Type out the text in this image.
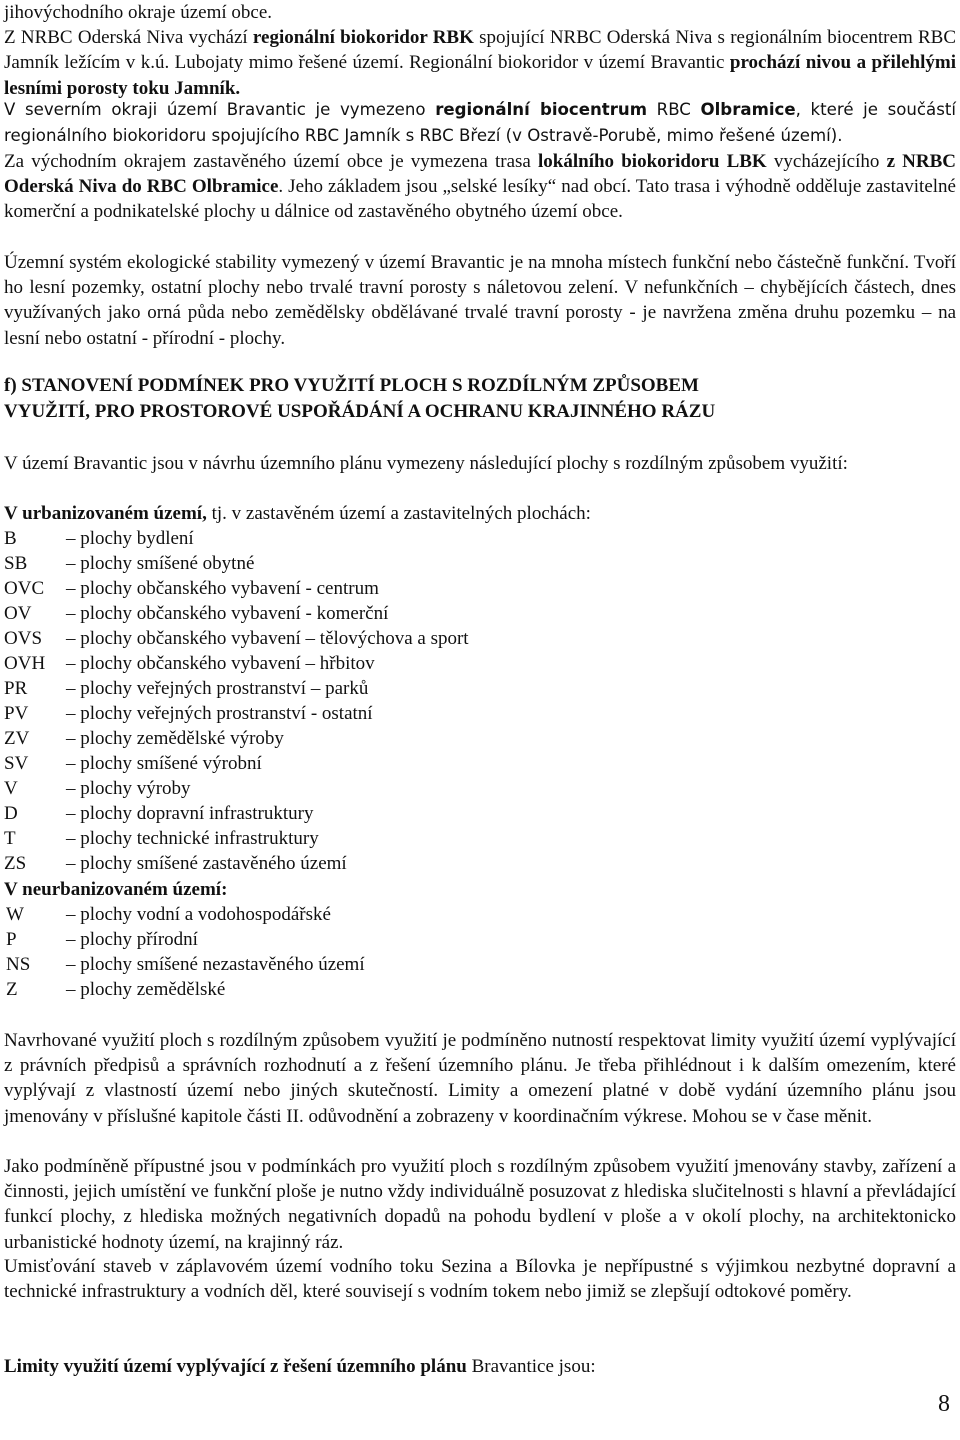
jihovýchodního okraje území obce.

Z NRBC Oderská Niva vychází regionální biokoridor RBK spojující NRBC Oderská Niva s regionálním biocentrem RBC Jamník ležícím v k.ú. Lubojaty mimo řešené území. Regionální biokoridor v území Bravantic prochází nivou a přilehlými lesními porosty toku Jamník.

V severním okraji území Bravantic je vymezeno regionální biocentrum RBC Olbramice, které je součástí regionálního biokoridoru spojujícího RBC Jamník s RBC Březí (v Ostravě-Porubě, mimo řešené území).

Za východním okrajem zastavěného území obce je vymezena trasa lokálního biokoridoru LBK vycházejícího z NRBC Oderská Niva do RBC Olbramice. Jeho základem jsou „selské lesíky“ nad obcí. Tato trasa i výhodně odděluje zastavitelné komerční a podnikatelské plochy u dálnice od zastavěného obytného území obce.

Územní systém ekologické stability vymezený v území Bravantic je na mnoha místech funkční nebo částečně funkční. Tvoří ho lesní pozemky, ostatní plochy nebo trvalé travní porosty s náletovou zelení. V nefunkčních – chybějících částech, dnes využívaných jako orná půda nebo zemědělsky obdělávané trvalé travní porosty - je navržena změna druhu pozemku – na lesní nebo ostatní - přírodní - plochy.

f) STANOVENÍ PODMÍNEK PRO VYUŽITÍ PLOCH S ROZDÍLNÝM ZPŮSOBEM

VYUŽITÍ, PRO PROSTOROVÉ USPOŘÁDÁNÍ A OCHRANU KRAJINNÉHO RÁZU

V území Bravantic jsou v návrhu územního plánu vymezeny následující plochy s rozdílným způsobem využití:

V urbanizovaném území, tj. v zastavěném území a zastavitelných plochách:

B	– plochy bydlení
SB	– plochy smíšené obytné
OVC	– plochy občanského vybavení - centrum
OV	– plochy občanského vybavení - komerční
OVS	– plochy občanského vybavení – tělovýchova a sport
OVH	– plochy občanského vybavení – hřbitov
PR	– plochy veřejných prostranství – parků
PV	– plochy veřejných prostranství - ostatní
ZV	– plochy zemědělské výroby
SV	– plochy smíšené výrobní
V	– plochy výroby
D	– plochy dopravní infrastruktury
T	– plochy technické infrastruktury
ZS	– plochy smíšené zastavěného území

V neurbanizovaném území:

W	– plochy vodní a vodohospodářské
P	– plochy přírodní
NS	– plochy smíšené nezastavěného území
Z	– plochy zemědělské

Navrhované využití ploch s rozdílným způsobem využití je podmíněno nutností respektovat limity využití území vyplývající z právních předpisů a správních rozhodnutí a z řešení územního plánu. Je třeba přihlédnout i k dalším omezením, které vyplývají z vlastností území nebo jiných skutečností. Limity a omezení platné v době vydání územního plánu jsou jmenovány v příslušné kapitole části II. odůvodnění a zobrazeny v koordinačním výkrese. Mohou se v čase měnit.

Jako podmíněně přípustné jsou v podmínkách pro využití ploch s rozdílným způsobem využití jmenovány stavby, zařízení a činnosti, jejich umístění ve funkční ploše je nutno vždy individuálně posuzovat z hlediska slučitelnosti s hlavní a převládající funkcí plochy, z hlediska možných negativních dopadů na pohodu bydlení v ploše a v okolí plochy, na architektonicko urbanistické hodnoty území, na krajinný ráz.

Umisťování staveb v záplavovém území vodního toku Sezina a Bílovka je nepřípustné s výjimkou nezbytné dopravní a technické infrastruktury a vodních děl, které souvisejí s vodním tokem nebo jimiž se zlepšují odtokové poměry.

Limity využití území vyplývající z řešení územního plánu Bravantice jsou:

8
